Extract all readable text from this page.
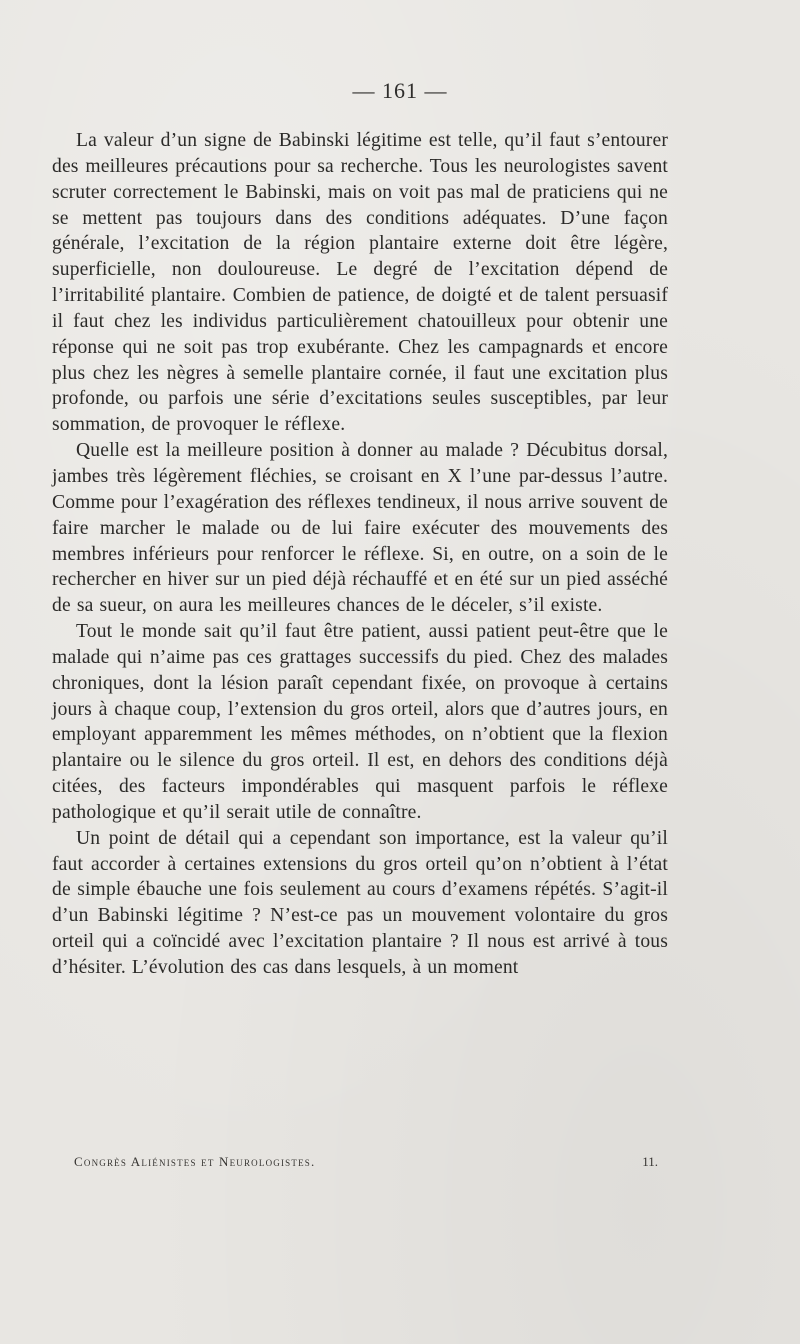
— 161 —

La valeur d’un signe de Babinski légitime est telle, qu’il faut s’entourer des meilleures précautions pour sa recherche. Tous les neurologistes savent scruter correctement le Babinski, mais on voit pas mal de praticiens qui ne se mettent pas toujours dans des conditions adéquates. D’une façon générale, l’excitation de la région plantaire externe doit être légère, superficielle, non douloureuse. Le degré de l’excitation dépend de l’irritabilité plantaire. Combien de patience, de doigté et de talent persuasif il faut chez les individus particulièrement chatouilleux pour obtenir une réponse qui ne soit pas trop exubérante. Chez les campagnards et encore plus chez les nègres à semelle plantaire cornée, il faut une excitation plus profonde, ou parfois une série d’excitations seules susceptibles, par leur sommation, de provoquer le réflexe.

Quelle est la meilleure position à donner au malade ? Décubitus dorsal, jambes très légèrement fléchies, se croisant en X l’une par-dessus l’autre. Comme pour l’exagération des réflexes tendineux, il nous arrive souvent de faire marcher le malade ou de lui faire exécuter des mouvements des membres inférieurs pour renforcer le réflexe. Si, en outre, on a soin de le rechercher en hiver sur un pied déjà réchauffé et en été sur un pied asséché de sa sueur, on aura les meilleures chances de le déceler, s’il existe.

Tout le monde sait qu’il faut être patient, aussi patient peut-être que le malade qui n’aime pas ces grattages successifs du pied. Chez des malades chroniques, dont la lésion paraît cependant fixée, on provoque à certains jours à chaque coup, l’extension du gros orteil, alors que d’autres jours, en employant apparemment les mêmes méthodes, on n’obtient que la flexion plantaire ou le silence du gros orteil. Il est, en dehors des conditions déjà citées, des facteurs impondérables qui masquent parfois le réflexe pathologique et qu’il serait utile de connaître.

Un point de détail qui a cependant son importance, est la valeur qu’il faut accorder à certaines extensions du gros orteil qu’on n’obtient à l’état de simple ébauche une fois seulement au cours d’examens répétés. S’agit-il d’un Babinski légitime ? N’est-ce pas un mouvement volontaire du gros orteil qui a coïncidé avec l’excitation plantaire ? Il nous est arrivé à tous d’hésiter. L’évolution des cas dans lesquels, à un moment

Congrès Aliénistes et Neurologistes.	11.
